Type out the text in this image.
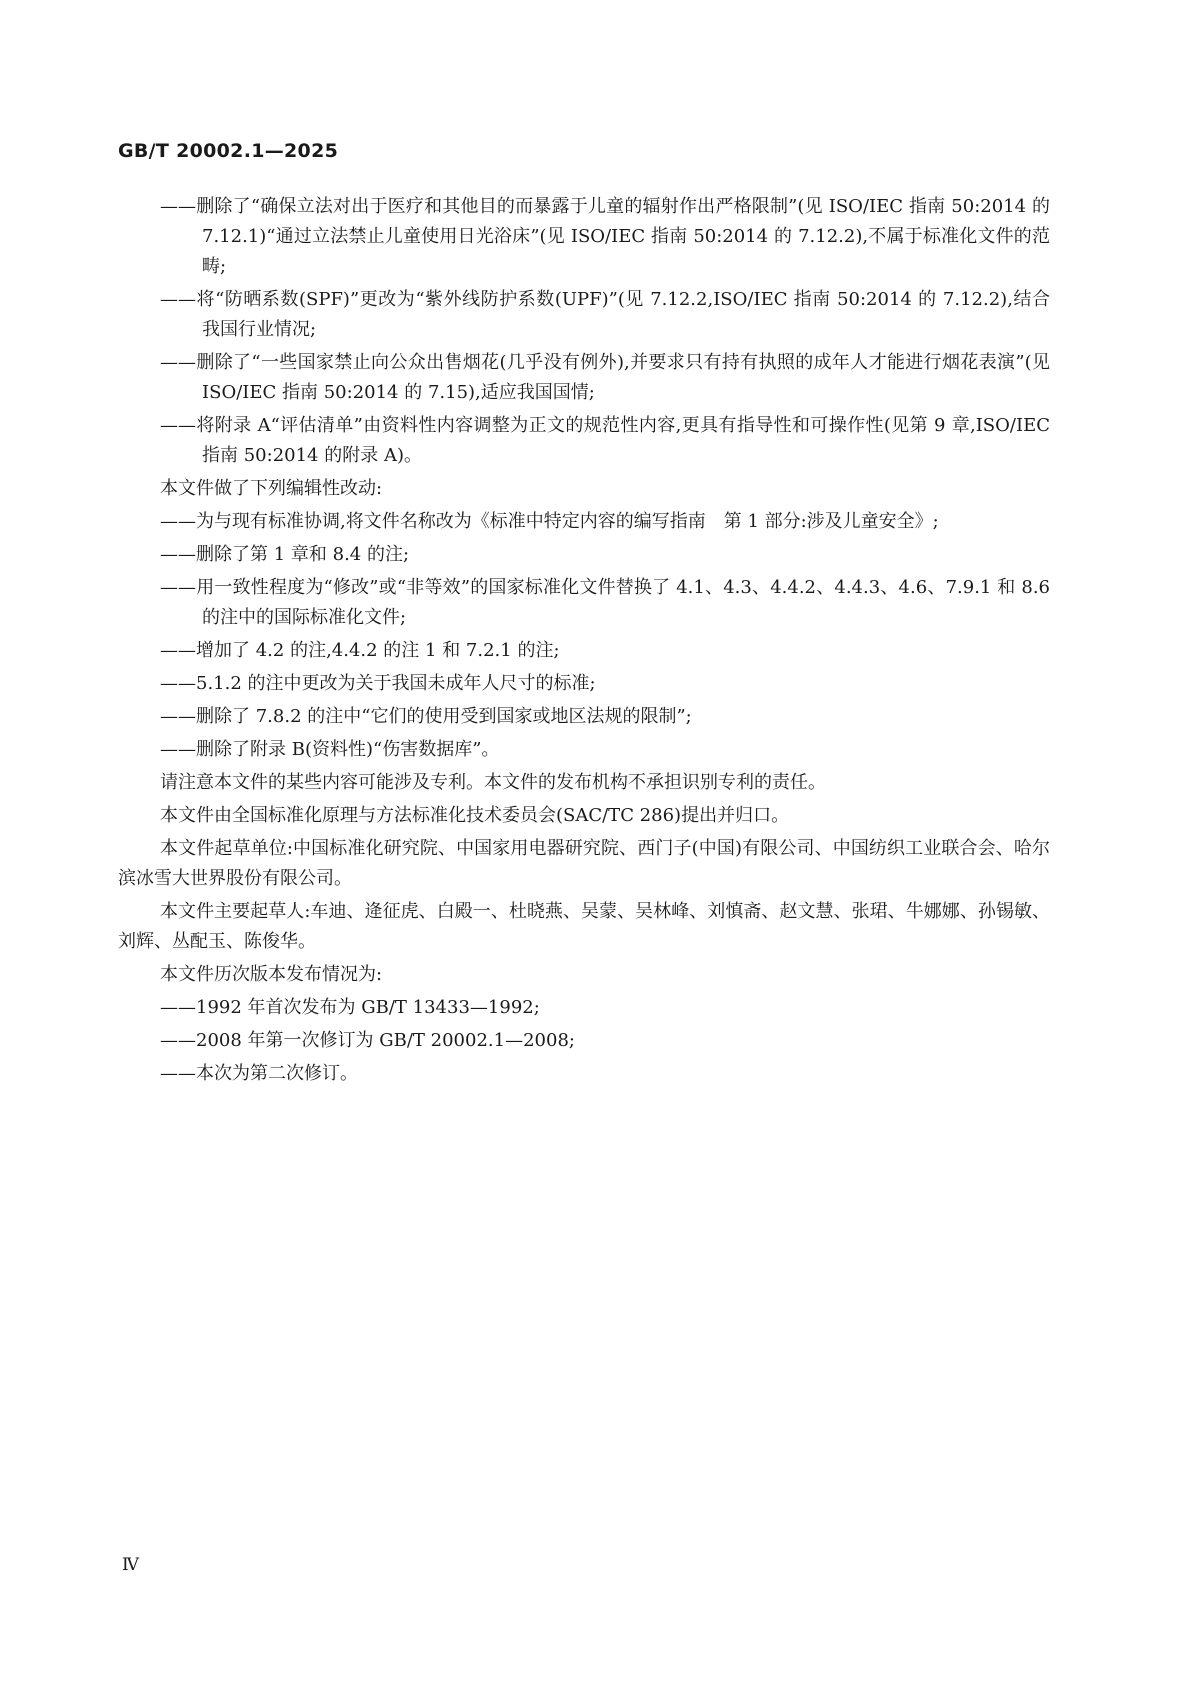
GB/T 20002.1—2025

——删除了“确保立法对出于医疗和其他目的而暴露于儿童的辐射作出严格限制”(见 ISO/IEC 指南 50:2014 的 7.12.1)“通过立法禁止儿童使用日光浴床”(见 ISO/IEC 指南 50:2014 的 7.12.2),不属于标准化文件的范畴;

——将“防晒系数(SPF)”更改为“紫外线防护系数(UPF)”(见 7.12.2,ISO/IEC 指南 50:2014 的 7.12.2),结合我国行业情况;

——删除了“一些国家禁止向公众出售烟花(几乎没有例外),并要求只有持有执照的成年人才能进行烟花表演”(见 ISO/IEC 指南 50:2014 的 7.15),适应我国国情;

——将附录 A“评估清单”由资料性内容调整为正文的规范性内容,更具有指导性和可操作性(见第 9 章,ISO/IEC 指南 50:2014 的附录 A)。

本文件做了下列编辑性改动:

——为与现有标准协调,将文件名称改为《标准中特定内容的编写指南　第 1 部分:涉及儿童安全》;

——删除了第 1 章和 8.4 的注;

——用一致性程度为“修改”或“非等效”的国家标准化文件替换了 4.1、4.3、4.4.2、4.4.3、4.6、7.9.1 和 8.6 的注中的国际标准化文件;

——增加了 4.2 的注,4.4.2 的注 1 和 7.2.1 的注;

——5.1.2 的注中更改为关于我国未成年人尺寸的标准;

——删除了 7.8.2 的注中“它们的使用受到国家或地区法规的限制”;

——删除了附录 B(资料性)“伤害数据库”。

请注意本文件的某些内容可能涉及专利。本文件的发布机构不承担识别专利的责任。

本文件由全国标准化原理与方法标准化技术委员会(SAC/TC 286)提出并归口。

本文件起草单位:中国标准化研究院、中国家用电器研究院、西门子(中国)有限公司、中国纺织工业联合会、哈尔滨冰雪大世界股份有限公司。

本文件主要起草人:车迪、逄征虎、白殿一、杜晓燕、吴蒙、吴林峰、刘慎斋、赵文慧、张珺、牛娜娜、孙锡敏、刘辉、丛配玉、陈俊华。

本文件历次版本发布情况为:

——1992 年首次发布为 GB/T 13433—1992;

——2008 年第一次修订为 GB/T 20002.1—2008;

——本次为第二次修订。

Ⅳ
